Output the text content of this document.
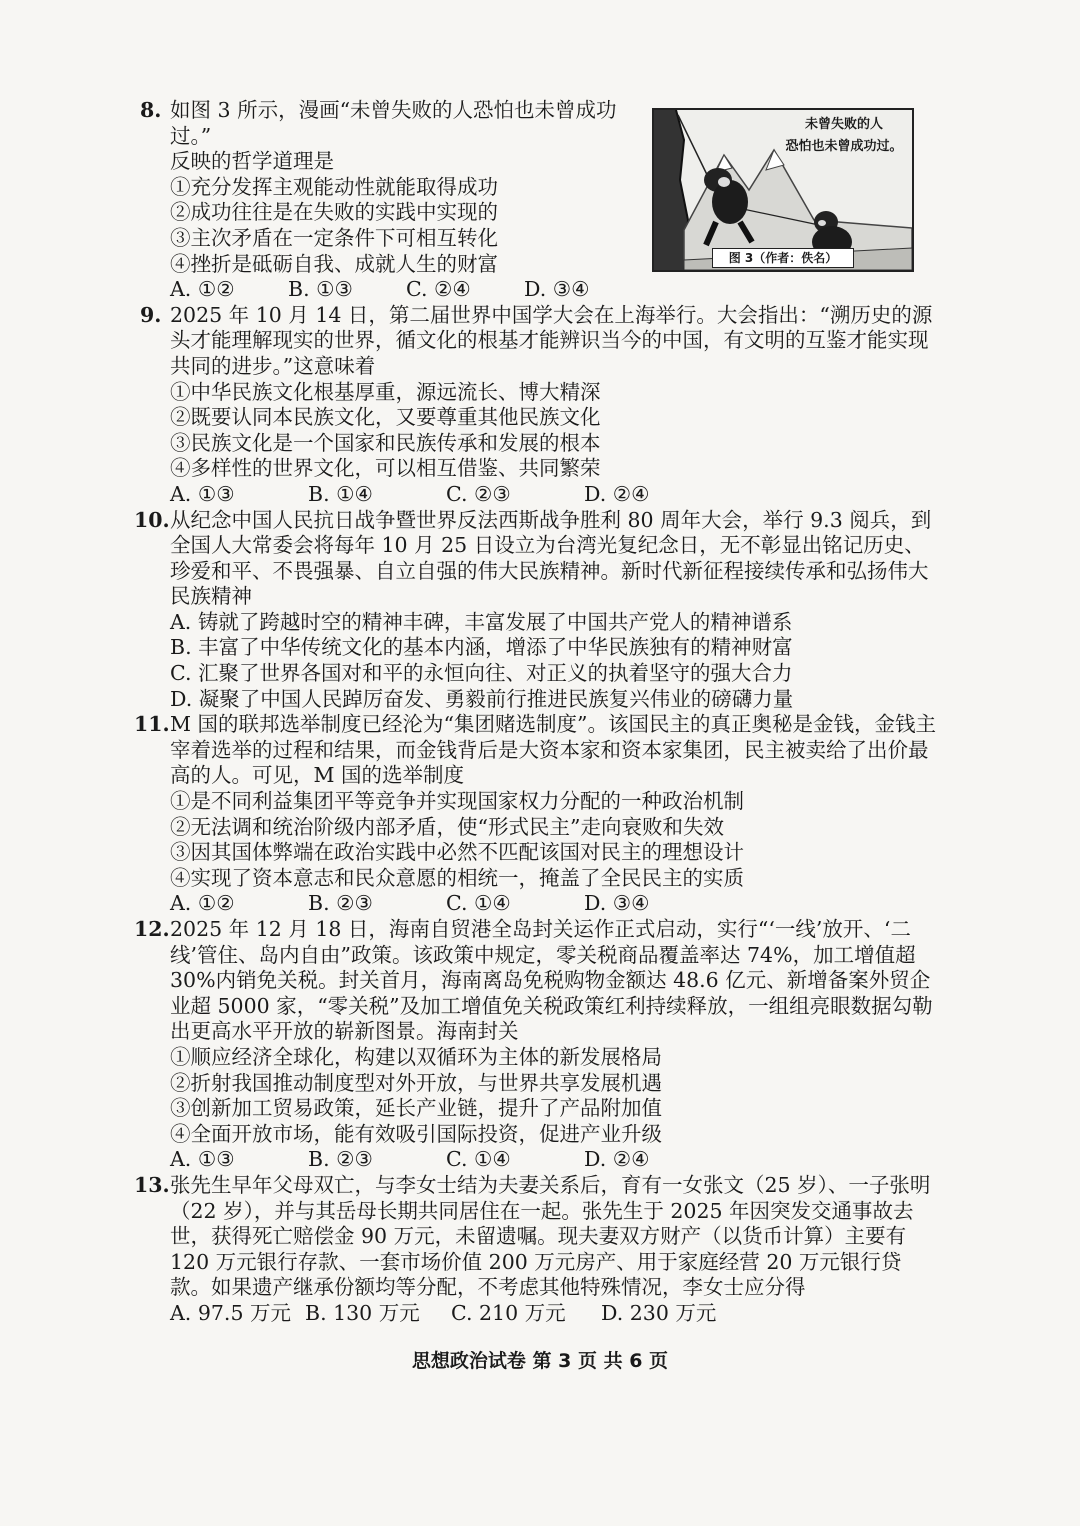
未曾失败的人
恐怕也未曾成功过。
图 3（作者：佚名）
8. 如图 3 所示，漫画“未曾失败的人恐怕也未曾成功过。”
反映的哲学道理是
①充分发挥主观能动性就能取得成功
②成功往往是在失败的实践中实现的
③主次矛盾在一定条件下可相互转化
④挫折是砥砺自我、成就人生的财富
A. ①②	B. ①③	C. ②④	D. ③④
9. 2025 年 10 月 14 日，第二届世界中国学大会在上海举行。大会指出：“溯历史的源头才能理解现实的世界，循文化的根基才能辨识当今的中国，有文明的互鉴才能实现共同的进步。”这意味着
①中华民族文化根基厚重，源远流长、博大精深
②既要认同本民族文化，又要尊重其他民族文化
③民族文化是一个国家和民族传承和发展的根本
④多样性的世界文化，可以相互借鉴、共同繁荣
A. ①③	B. ①④	C. ②③	D. ②④
10. 从纪念中国人民抗日战争暨世界反法西斯战争胜利 80 周年大会，举行 9.3 阅兵，到全国人大常委会将每年 10 月 25 日设立为台湾光复纪念日，无不彰显出铭记历史、珍爱和平、不畏强暴、自立自强的伟大民族精神。新时代新征程接续传承和弘扬伟大民族精神
A. 铸就了跨越时空的精神丰碑，丰富发展了中国共产党人的精神谱系
B. 丰富了中华传统文化的基本内涵，增添了中华民族独有的精神财富
C. 汇聚了世界各国对和平的永恒向往、对正义的执着坚守的强大合力
D. 凝聚了中国人民踔厉奋发、勇毅前行推进民族复兴伟业的磅礴力量
11. M 国的联邦选举制度已经沦为“集团赌选制度”。该国民主的真正奥秘是金钱，金钱主宰着选举的过程和结果，而金钱背后是大资本家和资本家集团，民主被卖给了出价最高的人。可见，M 国的选举制度
①是不同利益集团平等竞争并实现国家权力分配的一种政治机制
②无法调和统治阶级内部矛盾，使“形式民主”走向衰败和失效
③因其国体弊端在政治实践中必然不匹配该国对民主的理想设计
④实现了资本意志和民众意愿的相统一，掩盖了全民民主的实质
A. ①②	B. ②③	C. ①④	D. ③④
12. 2025 年 12 月 18 日，海南自贸港全岛封关运作正式启动，实行“‘一线’放开、‘二线’管住、岛内自由”政策。该政策中规定，零关税商品覆盖率达 74%，加工增值超 30%内销免关税。封关首月，海南离岛免税购物金额达 48.6 亿元、新增备案外贸企业超 5000 家，“零关税”及加工增值免关税政策红利持续释放，一组组亮眼数据勾勒出更高水平开放的崭新图景。海南封关
①顺应经济全球化，构建以双循环为主体的新发展格局
②折射我国推动制度型对外开放，与世界共享发展机遇
③创新加工贸易政策，延长产业链，提升了产品附加值
④全面开放市场，能有效吸引国际投资，促进产业升级
A. ①③	B. ②③	C. ①④	D. ②④
13. 张先生早年父母双亡，与李女士结为夫妻关系后，育有一女张文（25 岁）、一子张明（22 岁），并与其岳母长期共同居住在一起。张先生于 2025 年因突发交通事故去世，获得死亡赔偿金 90 万元，未留遗嘱。现夫妻双方财产（以货币计算）主要有 120 万元银行存款、一套市场价值 200 万元房产、用于家庭经营 20 万元银行贷款。如果遗产继承份额均等分配，不考虑其他特殊情况，李女士应分得
A. 97.5 万元 B. 130 万元	C. 210 万元	D. 230 万元
思想政治试卷 第 3 页 共 6 页
